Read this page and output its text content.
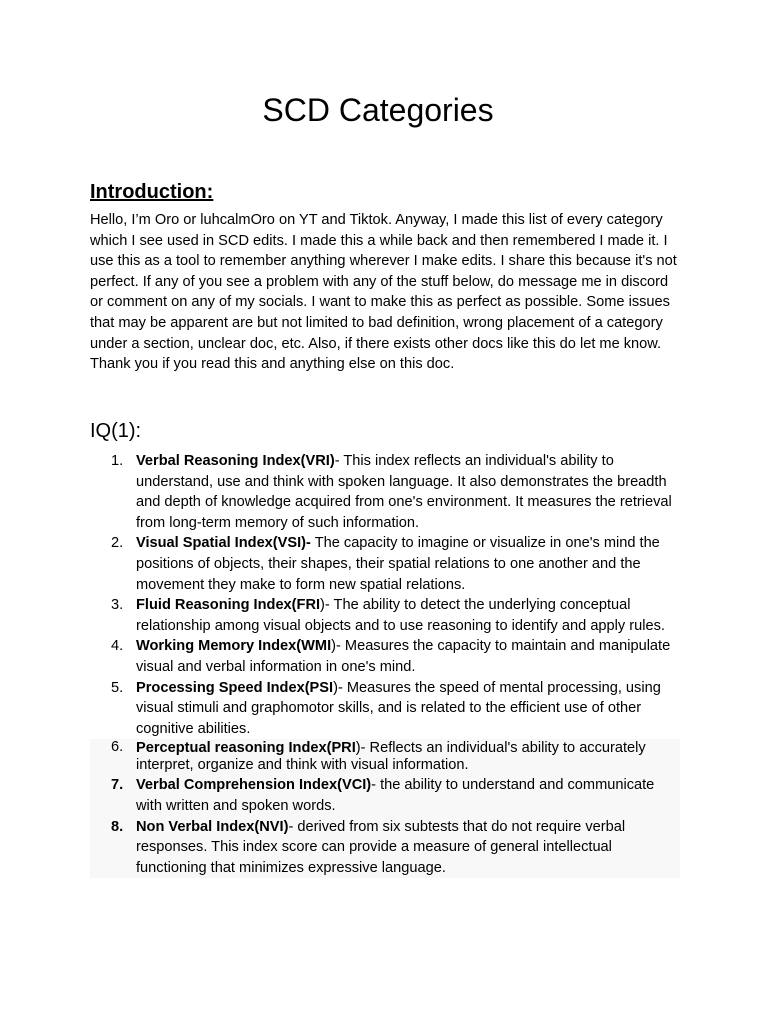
SCD Categories
Introduction:

Hello, I’m Oro or luhcalmOro on YT and Tiktok. Anyway, I made this list of every category which I see used in SCD edits. I made this a while back and then remembered I made it. I use this as a tool to remember anything wherever I make edits. I share this because it's not perfect. If any of you see a problem with any of the stuff below, do message me in discord or comment on any of my socials. I want to make this as perfect as possible. Some issues that may be apparent are but not limited to bad definition, wrong placement of a category under a section, unclear doc, etc. Also, if there exists other docs like this do let me know. Thank you if you read this and anything else on this doc.

IQ(1):
1. Verbal Reasoning Index(VRI)- This index reflects an individual's ability to understand, use and think with spoken language. It also demonstrates the breadth and depth of knowledge acquired from one's environment. It measures the retrieval from long-term memory of such information.
2. Visual Spatial Index(VSI)- The capacity to imagine or visualize in one's mind the positions of objects, their shapes, their spatial relations to one another and the movement they make to form new spatial relations.
3. Fluid Reasoning Index(FRI)- The ability to detect the underlying conceptual relationship among visual objects and to use reasoning to identify and apply rules.
4. Working Memory Index(WMI)- Measures the capacity to maintain and manipulate visual and verbal information in one's mind.
5. Processing Speed Index(PSI)- Measures the speed of mental processing, using visual stimuli and graphomotor skills, and is related to the efficient use of other cognitive abilities.
6. Perceptual reasoning Index(PRI)- Reflects an individual's ability to accurately interpret, organize and think with visual information.
7. Verbal Comprehension Index(VCI)- the ability to understand and communicate with written and spoken words.
8. Non Verbal Index(NVI)- derived from six subtests that do not require verbal responses. This index score can provide a measure of general intellectual functioning that minimizes expressive language.
